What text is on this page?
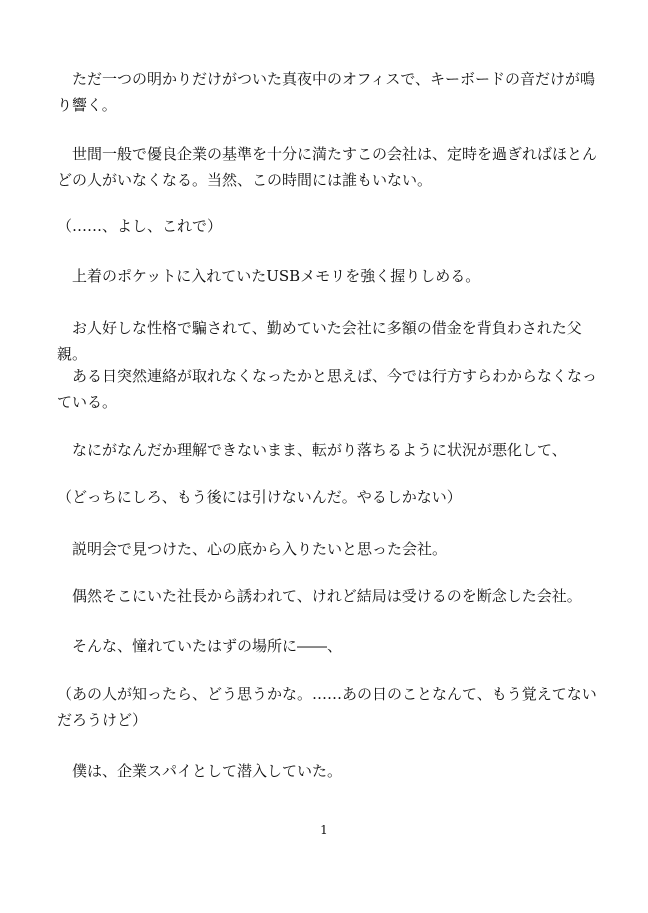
ただ一つの明かりだけがついた真夜中のオフィスで、キーボードの音だけが鳴り響く。

世間一般で優良企業の基準を十分に満たすこの会社は、定時を過ぎればほとんどの人がいなくなる。当然、この時間には誰もいない。

（……、よし、これで）

上着のポケットに入れていたUSBメモリを強く握りしめる。

お人好しな性格で騙されて、勤めていた会社に多額の借金を背負わされた父親。

ある日突然連絡が取れなくなったかと思えば、今では行方すらわからなくなっている。

なにがなんだか理解できないまま、転がり落ちるように状況が悪化して、

（どっちにしろ、もう後には引けないんだ。やるしかない）

説明会で見つけた、心の底から入りたいと思った会社。

偶然そこにいた社長から誘われて、けれど結局は受けるのを断念した会社。

そんな、憧れていたはずの場所に――、

（あの人が知ったら、どう思うかな。……あの日のことなんて、もう覚えてないだろうけど）

僕は、企業スパイとして潜入していた。

1
